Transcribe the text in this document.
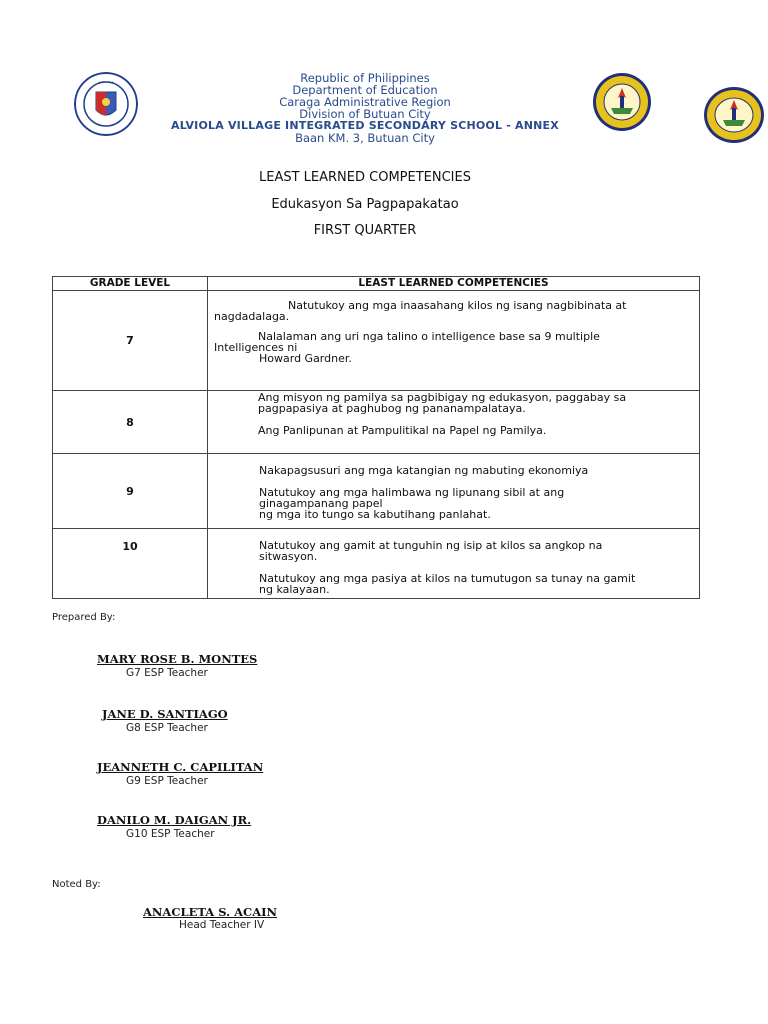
· · · · ·	Republic of Philippines
Department of Education
Caraga Administrative Region
Division of Butuan City
ALVIOLA VILLAGE INTEGRATED SECONDARY SCHOOL - ANNEX
Baan KM. 3, Butuan City
LEAST LEARNED COMPETENCIES
Edukasyon Sa Pagpapakatao
FIRST QUARTER
GRADE LEVEL	LEAST LEARNED COMPETENCIES
7	Natutukoy ang mga inaasahang kilos ng isang nagbibinata at
nagdadalaga.

Nalalaman ang uri nga talino o intelligence base sa 9 multiple
Intelligences ni
Howard Gardner.

8	Ang misyon ng pamilya sa pagbibigay ng edukasyon, paggabay sa
pagpapasiya at paghubog ng pananampalataya.

Ang Panlipunan at Pampulitikal na Papel ng Pamilya.

9	Nakapagsusuri ang mga katangian ng mabuting ekonomiya

Natutukoy ang mga halimbawa ng lipunang sibil at ang
ginagampanang papel
ng mga ito tungo sa kabutihang panlahat.

10	Natutukoy ang gamit at tunguhin ng isip at kilos sa angkop na
sitwasyon.

Natutukoy ang mga pasiya at kilos na tumutugon sa tunay na gamit
ng kalayaan.

Prepared By:
MARY ROSE B. MONTES
G7 ESP Teacher
JANE D. SANTIAGO
G8 ESP Teacher
JEANNETH C. CAPILITAN
G9 ESP Teacher
DANILO M. DAIGAN JR.
G10 ESP Teacher
Noted By:
ANACLETA S. ACAIN
Head Teacher IV
